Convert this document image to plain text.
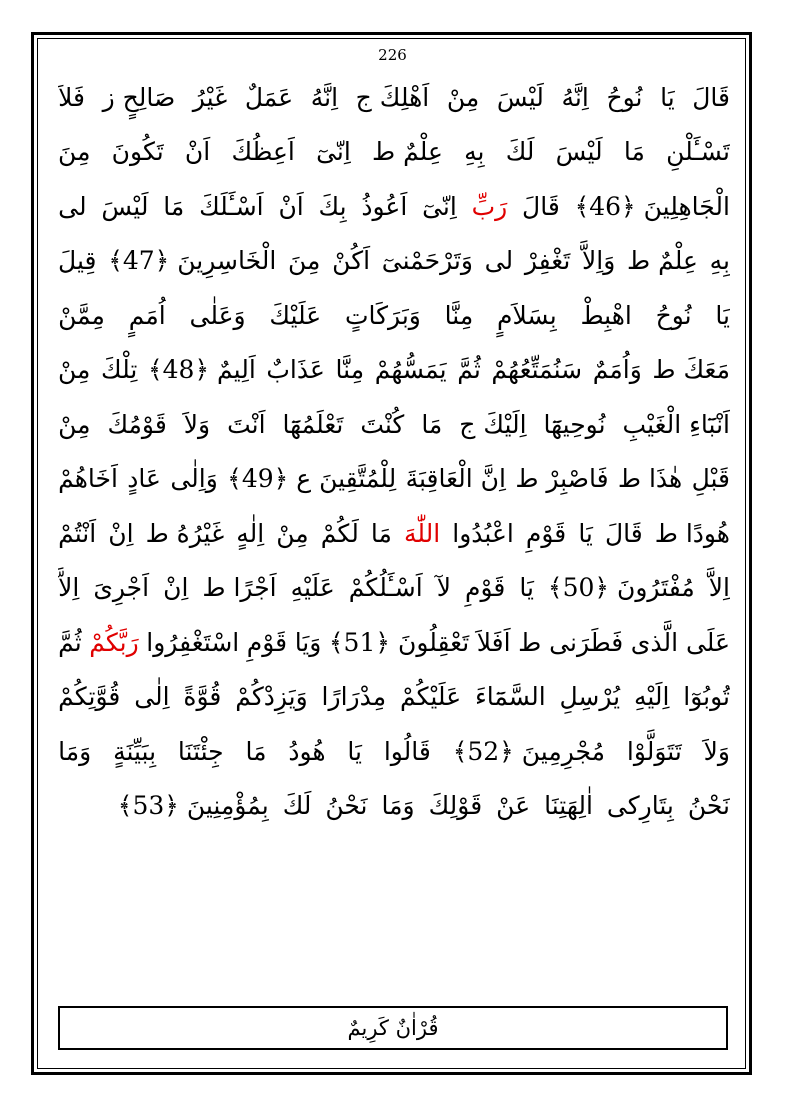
226
قَالَ
يَا
نُوحُ
اِنَّهُ
لَيْسَ
مِنْ
اَهْلِكَ ج
اِنَّهُ
عَمَلٌ
غَيْرُ
صَالِحٍ ز
فَلاَ
تَسْـَٔلْنِ
مَا
لَيْسَ
لَكَ
بِهِ
عِلْمٌ ط
اِنّىٓ
اَعِظُكَ
اَنْ
تَكُونَ
مِنَ
الْجَاهِلِينَ ﴿46﴾
قَالَ
رَبِّ
اِنّىٓ
اَعُوذُ
بِكَ
اَنْ
اَسْـَٔلَكَ
مَا
لَيْسَ
لى
بِهِ
عِلْمٌ ط
وَاِلاَّ
تَغْفِرْ
لى
وَتَرْحَمْنىٓ
اَكُنْ
مِنَ
الْخَاسِرِينَ ﴿47﴾
قِيلَ
يَا
نُوحُ
اهْبِطْ
بِسَلاَمٍ
مِنَّا
وَبَرَكَاتٍ
عَلَيْكَ
وَعَلٰى
اُمَمٍ
مِمَّنْ
مَعَكَ ط
وَاُمَمٌ
سَنُمَتِّعُهُمْ
ثُمَّ
يَمَسُّهُمْ
مِنَّا
عَذَابٌ
اَلِيمٌ ﴿48﴾
تِلْكَ
مِنْ
اَنْبَٓاءِ الْغَيْبِ
نُوحِيهَٓا
اِلَيْكَ ج
مَا
كُنْتَ
تَعْلَمُهَٓا
اَنْتَ
وَلاَ
قَوْمُكَ
مِنْ
قَبْلِ
هٰذَا ط
فَاصْبِرْ ط
اِنَّ الْعَاقِبَةَ
لِلْمُتَّقِينَ ع ﴿49﴾
وَاِلٰى
عَادٍ
اَخَاهُمْ
هُودًا ط
قَالَ
يَا
قَوْمِ
اعْبُدُوا
اللّٰهَ
مَا
لَكُمْ
مِنْ
اِلٰهٍ
غَيْرُهُ ط
اِنْ
اَنْتُمْ
اِلاَّ
مُفْتَرُونَ ﴿50﴾
يَا
قَوْمِ
لآ
اَسْـَٔلُكُمْ
عَلَيْهِ
اَجْرًا ط
اِنْ
اَجْرِىَ
اِلاَّ
عَلَى الَّذى
فَطَرَنى ط
اَفَلاَ
تَعْقِلُونَ ﴿51﴾
وَيَا
قَوْمِ
اسْتَغْفِرُوا
رَبَّكُمْ
ثُمَّ
تُوبُوٓا
اِلَيْهِ
يُرْسِلِ
السَّمَٓاءَ
عَلَيْكُمْ
مِدْرَارًا
وَيَزِدْكُمْ
قُوَّةً
اِلٰى
قُوَّتِكُمْ
وَلاَ
تَتَوَلَّوْا
مُجْرِمِينَ ﴿52﴾
قَالُوا
يَا
هُودُ
مَا
جِئْتَنَا
بِبَيِّنَةٍ
وَمَا
نَحْنُ
بِتَارِكى
اٰلِهَتِنَا
عَنْ
قَوْلِكَ
وَمَا
نَحْنُ
لَكَ
بِمُؤْمِنِينَ ﴿53﴾
قُرْاٰنٌ كَرِيمٌ
